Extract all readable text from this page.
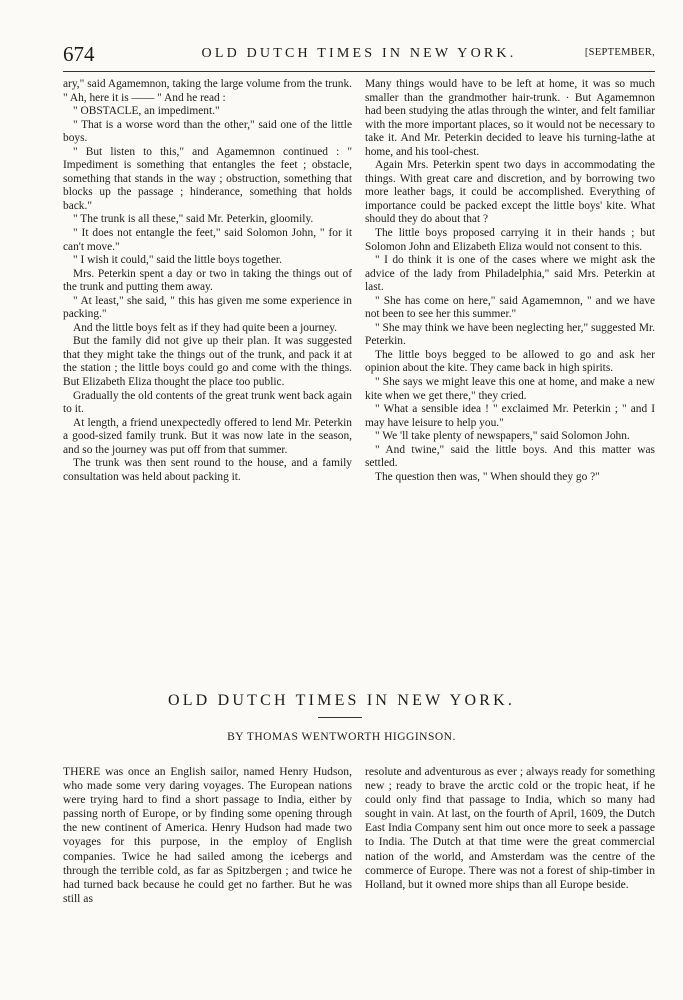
674	OLD DUTCH TIMES IN NEW YORK.	[SEPTEMBER,

ary," said Agamemnon, taking the large volume from the trunk. " Ah, here it is —— " And he read :

" OBSTACLE, an impediment."

" That is a worse word than the other," said one of the little boys.

" But listen to this," and Agamemnon continued : " Impediment is something that entangles the feet ; obstacle, something that stands in the way ; obstruction, something that blocks up the passage ; hinderance, something that holds back."

" The trunk is all these," said Mr. Peterkin, gloomily.

" It does not entangle the feet," said Solomon John, " for it can't move."

" I wish it could," said the little boys together.

Mrs. Peterkin spent a day or two in taking the things out of the trunk and putting them away.

" At least," she said, " this has given me some experience in packing."

And the little boys felt as if they had quite been a journey.

But the family did not give up their plan. It was suggested that they might take the things out of the trunk, and pack it at the station ; the little boys could go and come with the things. But Elizabeth Eliza thought the place too public.

Gradually the old contents of the great trunk went back again to it.

At length, a friend unexpectedly offered to lend Mr. Peterkin a good-sized family trunk. But it was now late in the season, and so the journey was put off from that summer.

The trunk was then sent round to the house, and a family consultation was held about packing it.

Many things would have to be left at home, it was so much smaller than the grandmother hair-trunk. · But Agamemnon had been studying the atlas through the winter, and felt familiar with the more important places, so it would not be necessary to take it. And Mr. Peterkin decided to leave his turning-lathe at home, and his tool-chest.

Again Mrs. Peterkin spent two days in accommodating the things. With great care and discretion, and by borrowing two more leather bags, it could be accomplished. Everything of importance could be packed except the little boys' kite. What should they do about that ?

The little boys proposed carrying it in their hands ; but Solomon John and Elizabeth Eliza would not consent to this.

" I do think it is one of the cases where we might ask the advice of the lady from Philadelphia," said Mrs. Peterkin at last.

" She has come on here," said Agamemnon, " and we have not been to see her this summer."

" She may think we have been neglecting her," suggested Mr. Peterkin.

The little boys begged to be allowed to go and ask her opinion about the kite. They came back in high spirits.

" She says we might leave this one at home, and make a new kite when we get there," they cried.

" What a sensible idea ! " exclaimed Mr. Peterkin ; " and I may have leisure to help you."

" We 'll take plenty of newspapers," said Solomon John.

" And twine," said the little boys. And this matter was settled.

The question then was, " When should they go ?"

OLD DUTCH TIMES IN NEW YORK.
BY THOMAS WENTWORTH HIGGINSON.

THERE was once an English sailor, named Henry Hudson, who made some very daring voyages. The European nations were trying hard to find a short passage to India, either by passing north of Europe, or by finding some opening through the new continent of America. Henry Hudson had made two voyages for this purpose, in the employ of English companies. Twice he had sailed among the icebergs and through the terrible cold, as far as Spitzbergen ; and twice he had turned back because he could get no farther. But he was still as

resolute and adventurous as ever ; always ready for something new ; ready to brave the arctic cold or the tropic heat, if he could only find that passage to India, which so many had sought in vain. At last, on the fourth of April, 1609, the Dutch East India Company sent him out once more to seek a passage to India. The Dutch at that time were the great commercial nation of the world, and Amsterdam was the centre of the commerce of Europe. There was not a forest of ship-timber in Holland, but it owned more ships than all Europe beside.
